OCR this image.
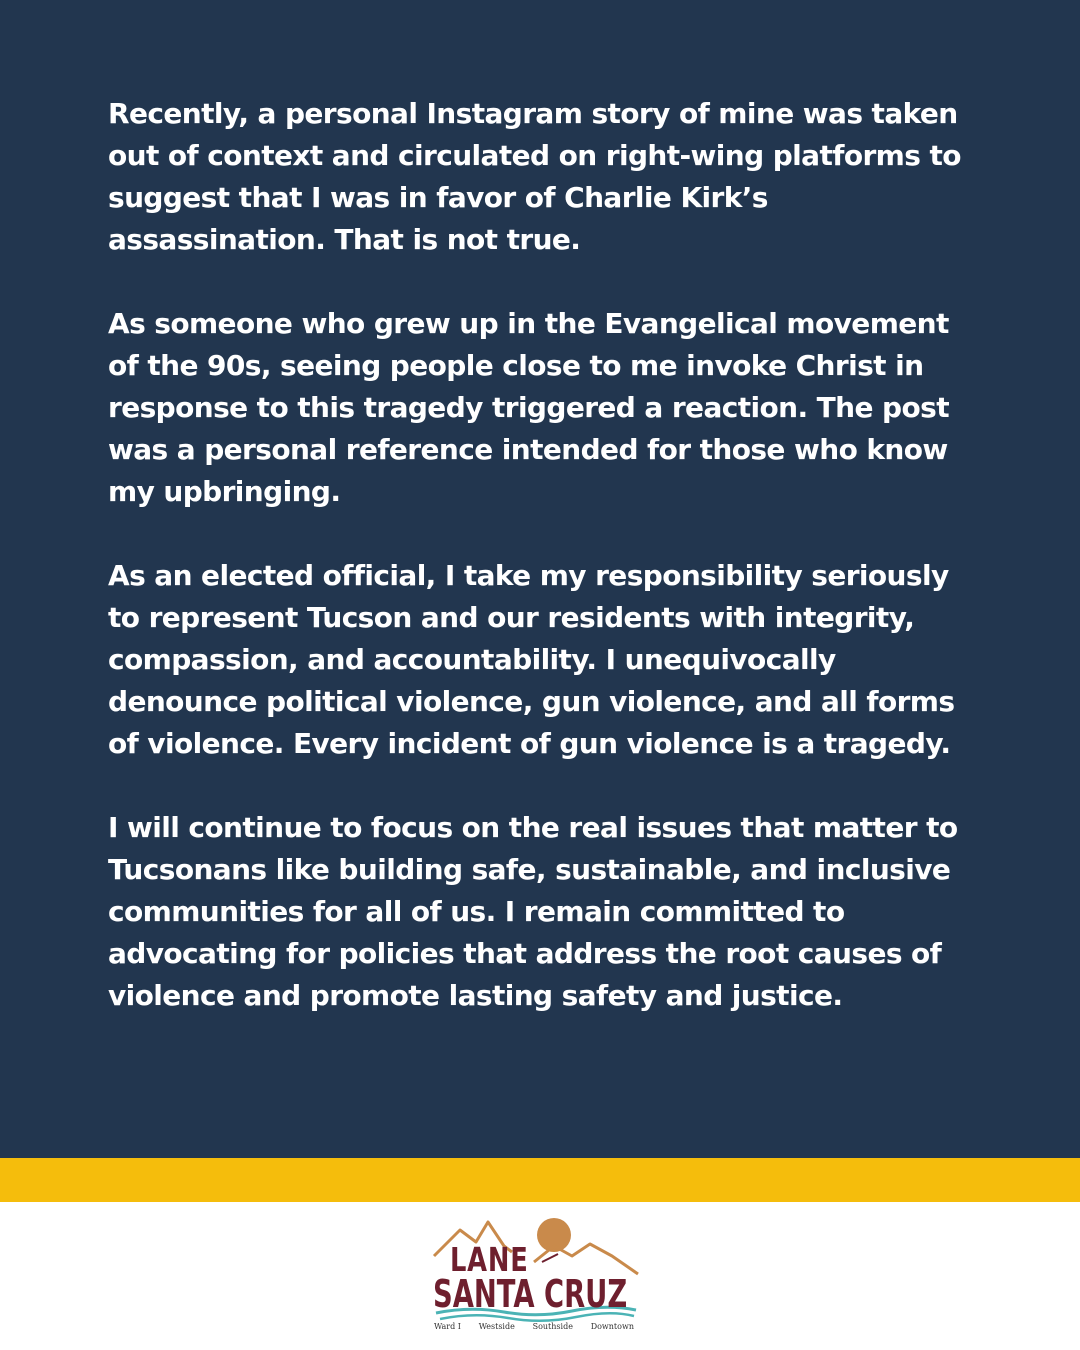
Recently, a personal Instagram story of mine was taken out of context and circulated on right-wing platforms to suggest that I was in favor of Charlie Kirk’s assassination. That is not true.

As someone who grew up in the Evangelical movement of the 90s, seeing people close to me invoke Christ in response to this tragedy triggered a reaction. The post was a personal reference intended for those who know my upbringing.

As an elected official, I take my responsibility seriously to represent Tucson and our residents with integrity, compassion, and accountability. I unequivocally denounce political violence, gun violence, and all forms of violence. Every incident of gun violence is a tragedy.

I will continue to focus on the real issues that matter to Tucsonans like building safe, sustainable, and inclusive communities for all of us. I remain committed to advocating for policies that address the root causes of violence and promote lasting safety and justice.

LANE
SANTA CRUZ
Ward I Westside Southside Downtown
